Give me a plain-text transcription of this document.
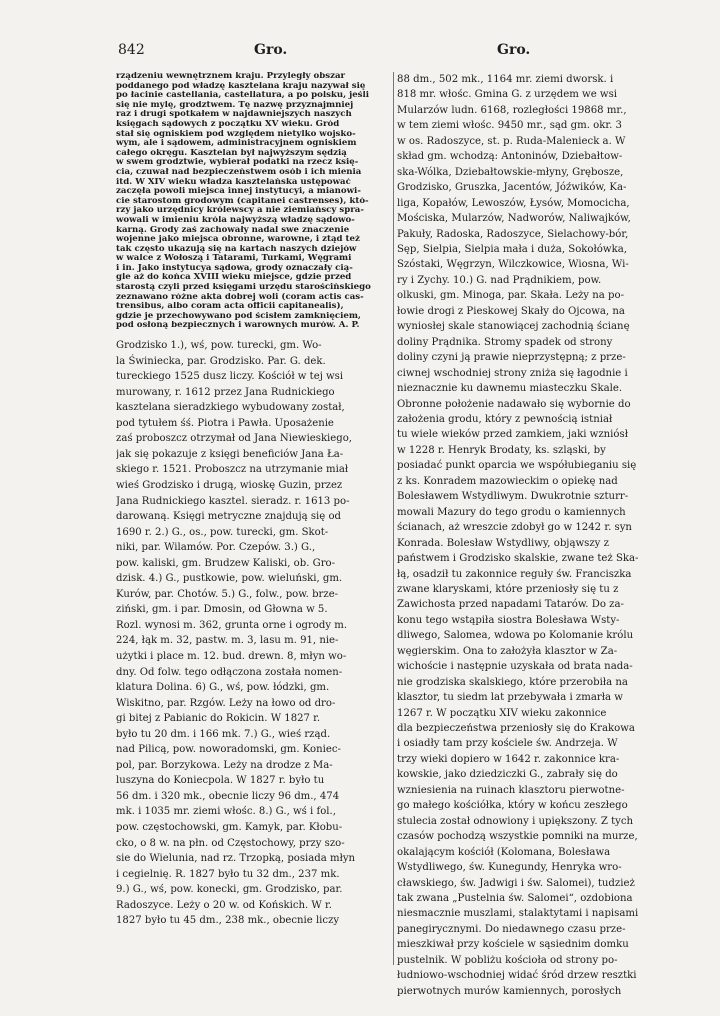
842	Gro.	Gro.
rządzeniu wewnętrznem kraju. Przyległy obszar
poddanego pod władzę kasztelana kraju nazywał się
po łacinie castellania, castellatura, a po polsku, jeśli
się nie mylę, grodztwem. Tę nazwę przyznajmniej
raz i drugi spotkałem w najdawniejszych naszych
księgach sądowych z początku XV wieku. Gród
stał się ogniskiem pod względem nietylko wojsko-
wym, ale i sądowem, administracyjnem ogniskiem
całego okręgu. Kasztelan był najwyższym sędzią
w swem grodztwie, wybierał podatki na rzecz księ-
cia, czuwał nad bezpieczeństwem osób i ich mienia
itd. W XIV wieku władza kasztelańska ustępować
zaczęła powoli miejsca innej instytucyi, a mianowi-
cie starostom grodowym (capitanei castrenses), któ-
rzy jako urzędnicy królewscy a nie ziemiańscy spra-
wowali w imieniu króla najwyższą władzę sądowo-
karną. Grody zaś zachowały nadal swe znaczenie
wojenne jako miejsca obronne, warowne, i ztąd też
tak często ukazują się na kartach naszych dziejów
w walce z Wołoszą i Tatarami, Turkami, Węgrami
i in. Jako instytucya sądowa, grody oznaczały cią-
gle aż do końca XVIII wieku miejsce, gdzie przed
starostą czyli przed księgami urzędu starościńskiego
zeznawano różne akta dobrej woli (coram actis cas-
trensibus, albo coram acta officii capitanealis),
gdzie je przechowywano pod ścisłem zamknięciem,
pod osłoną bezpiecznych i warownych murów. A. P.
Grodzisko 1.), wś, pow. turecki, gm. Wo-
la Świniecka, par. Grodzisko. Par. G. dek.
tureckiego 1525 dusz liczy. Kościół w tej wsi
murowany, r. 1612 przez Jana Rudnickiego
kasztelana sieradzkiego wybudowany został,
pod tytułem śś. Piotra i Pawła. Uposażenie
zaś proboszcz otrzymał od Jana Niewieskiego,
jak się pokazuje z księgi beneficiów Jana Ła-
skiego r. 1521. Proboszcz na utrzymanie miał
wieś Grodzisko i drugą, wioskę Guzin, przez
Jana Rudnickiego kasztel. sieradz. r. 1613 po-
darowaną. Księgi metryczne znajdują się od
1690 r. 2.) G., os., pow. turecki, gm. Skot-
niki, par. Wilamów. Por. Czepów. 3.) G.,
pow. kaliski, gm. Brudzew Kaliski, ob. Gro-
dzisk. 4.) G., pustkowie, pow. wieluński, gm.
Kurów, par. Chotów. 5.) G., folw., pow. brze-
ziński, gm. i par. Dmosin, od Głowna w 5.
Rozl. wynosi m. 362, grunta orne i ogrody m.
224, łąk m. 32, pastw. m. 3, lasu m. 91, nie-
użytki i place m. 12. bud. drewn. 8, młyn wo-
dny. Od folw. tego odłączona została nomen-
klatura Dolina. 6) G., wś, pow. łódzki, gm.
Wiskitno, par. Rzgów. Leży na łowo od dro-
gi bitej z Pabianic do Rokicin. W 1827 r.
było tu 20 dm. i 166 mk. 7.) G., wieś rząd.
nad Pilicą, pow. noworadomski, gm. Koniec-
pol, par. Borzykowa. Leży na drodze z Ma-
luszyna do Koniecpola. W 1827 r. było tu
56 dm. i 320 mk., obecnie liczy 96 dm., 474
mk. i 1035 mr. ziemi włośc. 8.) G., wś i fol.,
pow. częstochowski, gm. Kamyk, par. Kłobu-
cko, o 8 w. na płn. od Częstochowy, przy szo-
sie do Wielunia, nad rz. Trzopką, posiada młyn
i cegielnię. R. 1827 było tu 32 dm., 237 mk.
9.) G., wś, pow. konecki, gm. Grodzisko, par.
Radoszyce. Leży o 20 w. od Końskich. W r.
1827 było tu 45 dm., 238 mk., obecnie liczy
88 dm., 502 mk., 1164 mr. ziemi dworsk. i
818 mr. włośc. Gmina G. z urzędem we wsi
Mularzów ludn. 6168, rozległości 19868 mr.,
w tem ziemi włośc. 9450 mr., sąd gm. okr. 3
w os. Radoszyce, st. p. Ruda-Malenieck a. W
skład gm. wchodzą: Antoninów, Dziebałtow-
ska-Wólka, Dziebałtowskie-młyny, Grębosze,
Grodzisko, Gruszka, Jacentów, Jóźwików, Ka-
liga, Kopałów, Lewoszów, Łysów, Momocicha,
Mościska, Mularzów, Nadworów, Naliwajków,
Pakuły, Radoska, Radoszyce, Sielachowy-bór,
Sęp, Sielpia, Sielpia mała i duża, Sokołówka,
Szóstaki, Węgrzyn, Wilczkowice, Wiosna, Wi-
ry i Zychy. 10.) G. nad Prądnikiem, pow.
olkuski, gm. Minoga, par. Skała. Leży na po-
łowie drogi z Pieskowej Skały do Ojcowa, na
wyniosłej skale stanowiącej zachodnią ścianę
doliny Prądnika. Stromy spadek od strony
doliny czyni ją prawie nieprzystępną; z prze-
ciwnej wschodniej strony zniża się łagodnie i
nieznacznie ku dawnemu miasteczku Skale.
Obronne położenie nadawało się wybornie do
założenia grodu, który z pewnością istniał
tu wiele wieków przed zamkiem, jaki wzniósł
w 1228 r. Henryk Brodaty, ks. szląski, by
posiadać punkt oparcia we współubieganiu się
z ks. Konradem mazowieckim o opiekę nad
Bolesławem Wstydliwym. Dwukrotnie szturr-
mowali Mazury do tego grodu o kamiennych
ścianach, aż wreszcie zdobył go w 1242 r. syn
Konrada. Bolesław Wstydliwy, objąwszy z
państwem i Grodzisko skalskie, zwane też Ska-
łą, osadził tu zakonnice reguły św. Franciszka
zwane klaryskami, które przeniosły się tu z
Zawichosta przed napadami Tatarów. Do za-
konu tego wstąpiła siostra Bolesława Wsty-
dliwego, Salomea, wdowa po Kolomanie królu
węgierskim. Ona to założyła klasztor w Za-
wichoście i następnie uzyskała od brata nada-
nie grodziska skalskiego, które przerobiła na
klasztor, tu siedm lat przebywała i zmarła w
1267 r. W początku XIV wieku zakonnice
dla bezpieczeństwa przeniosły się do Krakowa
i osiadły tam przy kościele św. Andrzeja. W
trzy wieki dopiero w 1642 r. zakonnice kra-
kowskie, jako dziedziczki G., zabrały się do
wzniesienia na ruinach klasztoru pierwotne-
go małego kościółka, który w końcu zeszłego
stulecia został odnowiony i upiększony. Z tych
czasów pochodzą wszystkie pomniki na murze,
okalającym kościół (Kolomana, Bolesława
Wstydliwego, św. Kunegundy, Henryka wro-
cławskiego, św. Jadwigi i św. Salomei), tudzież
tak zwana „Pustelnia św. Salomei“, ozdobiona
niesmacznie muszlami, stalaktytami i napisami
panegirycznymi. Do niedawnego czasu prze-
mieszkiwał przy kościele w sąsiednim domku
pustelnik. W pobliżu kościoła od strony po-
łudniowo-wschodniej widać śród drzew resztki
pierwotnych murów kamiennych, porosłych
